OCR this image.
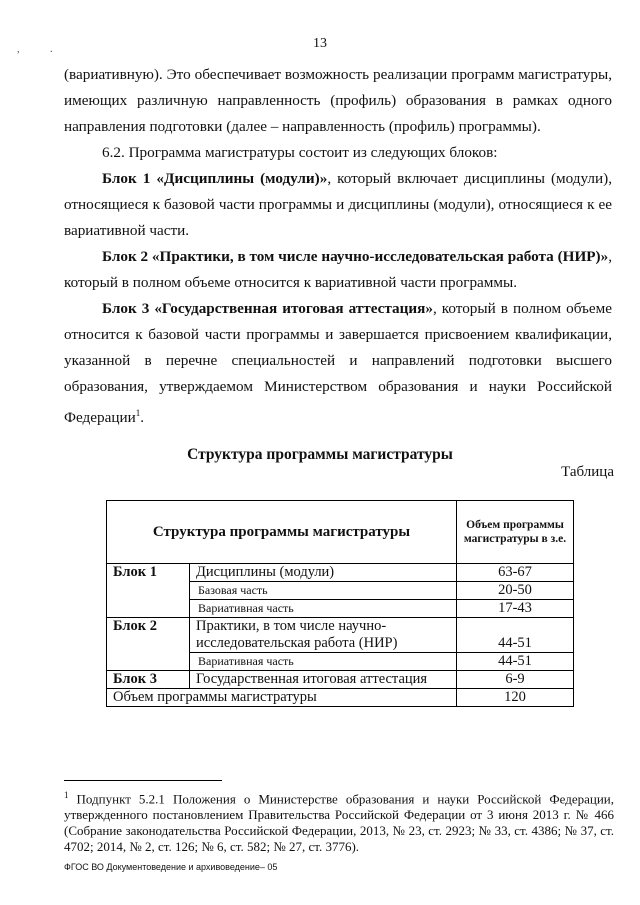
,	.	13

(вариативную). Это обеспечивает возможность реализации программ магистратуры, имеющих различную направленность (профиль) образования в рамках одного направления подготовки (далее – направленность (профиль) программы).

6.2. Программа магистратуры состоит из следующих блоков:

Блок 1 «Дисциплины (модули)», который включает дисциплины (модули), относящиеся к базовой части программы и дисциплины (модули), относящиеся к ее вариативной части.

Блок 2 «Практики, в том числе научно-исследовательская работа (НИР)», который в полном объеме относится к вариативной части программы.

Блок 3 «Государственная итоговая аттестация», который в полном объеме относится к базовой части программы и завершается присвоением квалификации, указанной в перечне специальностей и направлений подготовки высшего образования, утверждаемом Министерством образования и науки Российской Федерации$^1$.

Структура программы магистратуры
Таблица
Структура программы магистратуры		Объем программы магистратуры в з.е.
Блок 1	Дисциплины (модули)	63-67
	Базовая часть	20-50
	Вариативная часть	17-43
Блок 2	Практики, в том числе научно-исследовательская работа (НИР)	44-51
	Вариативная часть	44-51
Блок 3	Государственная итоговая аттестация	6-9
Объем программы магистратуры		120

$^1$ Подпункт 5.2.1 Положения о Министерстве образования и науки Российской Федерации, утвержденного постановлением Правительства Российской Федерации от 3 июня 2013 г. № 466 (Собрание законодательства Российской Федерации, 2013, № 23, ст. 2923; № 33, ст. 4386; № 37, ст. 4702; 2014, № 2, ст. 126; № 6, ст. 582; № 27, ст. 3776).

ФГОС ВО Документоведение и архивоведение– 05
